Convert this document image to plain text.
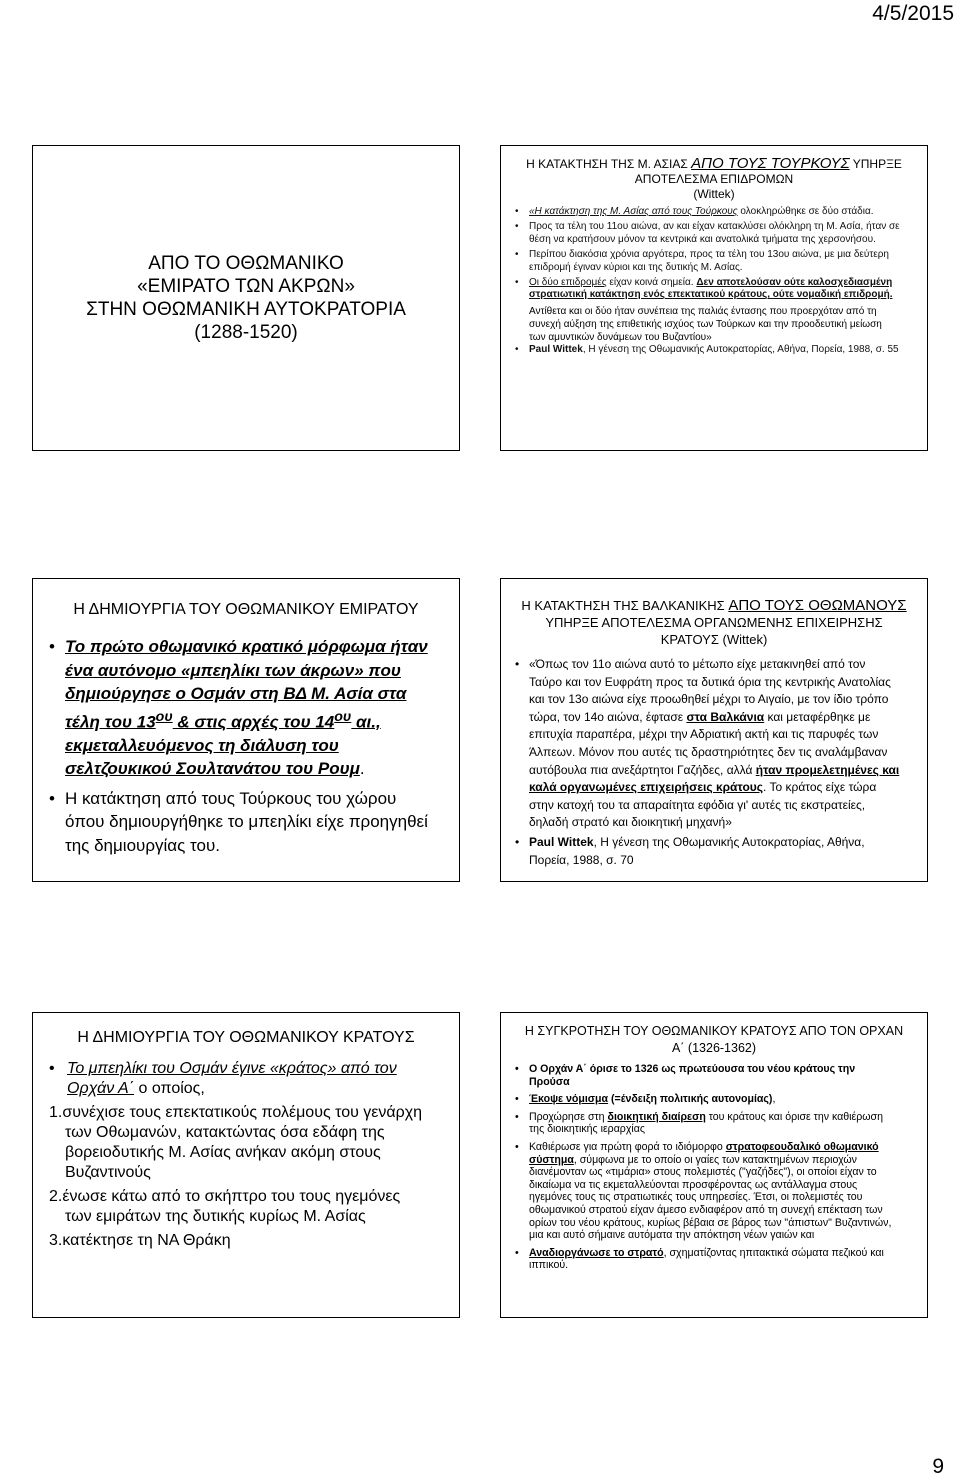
4/5/2015
ΑΠΟ ΤΟ ΟΘΩΜΑΝΙΚΟ
«ΕΜΙΡΑΤΟ ΤΩΝ ΑΚΡΩΝ»
ΣΤΗΝ ΟΘΩΜΑΝΙΚΗ ΑΥΤΟΚΡΑΤΟΡΙΑ
(1288-1520)
Η ΚΑΤΑΚΤΗΣΗ ΤΗΣ Μ. ΑΣΙΑΣ ΑΠΟ ΤΟΥΣ ΤΟΥΡΚΟΥΣ ΥΠΗΡΞΕ ΑΠΟΤΕΛΕΣΜΑ ΕΠΙΔΡΟΜΩΝ
(Wittek)
• «Η κατάκτηση της Μ. Ασίας από τους Τούρκους ολοκληρώθηκε σε δύο στάδια.
• Προς τα τέλη του 11ου αιώνα, αν και είχαν κατακλύσει ολόκληρη τη Μ. Ασία, ήταν σε θέση να κρατήσουν μόνον τα κεντρικά και ανατολικά τμήματα της χερσονήσου.
• Περίπου διακόσια χρόνια αργότερα, προς τα τέλη του 13ου αιώνα, με μια δεύτερη επιδρομή έγιναν κύριοι και της δυτικής Μ. Ασίας.
• Οι δύο επιδρομές είχαν κοινά σημεία. Δεν αποτελούσαν ούτε καλοσχεδιασμένη στρατιωτική κατάκτηση ενός επεκτατικού κράτους, ούτε νομαδική επιδρομή.
Αντίθετα και οι δύο ήταν συνέπεια της παλιάς έντασης που προερχόταν από τη συνεχή αύξηση της επιθετικής ισχύος των Τούρκων και την προοδευτική μείωση των αμυντικών δυνάμεων του Βυζαντίου»
• Paul Wittek, Η γένεση της Οθωμανικής Αυτοκρατορίας, Αθήνα, Πορεία, 1988, σ. 55
Η ΔΗΜΙΟΥΡΓΙΑ ΤΟΥ ΟΘΩΜΑΝΙΚΟΥ ΕΜΙΡΑΤΟΥ
• Το πρώτο οθωμανικό κρατικό μόρφωμα ήταν ένα αυτόνομο «μπεηλίκι των άκρων» που δημιούργησε ο Οσμάν στη ΒΔ Μ. Ασία στα τέλη του $13^{o\upsilon}$ & στις αρχές του $14^{o\upsilon}$ αι., εκμεταλλευόμενος τη διάλυση του σελτζουκικού Σουλτανάτου του Ρουμ.
• Η κατάκτηση από τους Τούρκους του χώρου όπου δημιουργήθηκε το μπεηλίκι είχε προηγηθεί της δημιουργίας του.
Η ΚΑΤΑΚΤΗΣΗ ΤΗΣ ΒΑΛΚΑΝΙΚΗΣ ΑΠΟ ΤΟΥΣ ΟΘΩΜΑΝΟΥΣ ΥΠΗΡΞΕ ΑΠΟΤΕΛΕΣΜΑ ΟΡΓΑΝΩΜΕΝΗΣ ΕΠΙΧΕΙΡΗΣΗΣ ΚΡΑΤΟΥΣ (Wittek)
• «Όπως τον 11ο αιώνα αυτό το μέτωπο είχε μετακινηθεί από τον Ταύρο και τον Ευφράτη προς τα δυτικά όρια της κεντρικής Ανατολίας και τον 13ο αιώνα είχε προωθηθεί μέχρι το Αιγαίο, με τον ίδιο τρόπο τώρα, τον 14ο αιώνα, έφτασε στα Βαλκάνια και μεταφέρθηκε με επιτυχία παραπέρα, μέχρι την Αδριατική ακτή και τις παρυφές των Άλπεων. Μόνον που αυτές τις δραστηριότητες δεν τις αναλάμβαναν αυτόβουλα πια ανεξάρτητοι Γαζήδες, αλλά ήταν προμελετημένες και καλά οργανωμένες επιχειρήσεις κράτους. Το κράτος είχε τώρα στην κατοχή του τα απαραίτητα εφόδια γι' αυτές τις εκστρατείες, δηλαδή στρατό και διοικητική μηχανή»
• Paul Wittek, Η γένεση της Οθωμανικής Αυτοκρατορίας, Αθήνα, Πορεία, 1988, σ. 70
Η ΔΗΜΙΟΥΡΓΙΑ ΤΟΥ ΟΘΩΜΑΝΙΚΟΥ ΚΡΑΤΟΥΣ
• Το μπεηλίκι του Οσμάν έγινε «κράτος» από τον Ορχάν Α΄ ο οποίος,
1.συνέχισε τους επεκτατικούς πολέμους του γενάρχη των Οθωμανών, κατακτώντας όσα εδάφη της βορειοδυτικής Μ. Ασίας ανήκαν ακόμη στους Βυζαντινούς
2.ένωσε κάτω από το σκήπτρο του τους ηγεμόνες των εμιράτων της δυτικής κυρίως Μ. Ασίας
3.κατέκτησε τη ΝΑ Θράκη
Η ΣΥΓΚΡΟΤΗΣΗ ΤΟΥ ΟΘΩΜΑΝΙΚΟΥ ΚΡΑΤΟΥΣ ΑΠΟ ΤΟΝ ΟΡΧΑΝ Α΄ (1326-1362)
• Ο Ορχάν Α΄ όρισε το 1326 ως πρωτεύουσα του νέου κράτους την Προύσα
• Έκοψε νόμισμα (=ένδειξη πολιτικής αυτονομίας),
• Προχώρησε στη διοικητική διαίρεση του κράτους και όρισε την καθιέρωση της διοικητικής ιεραρχίας
• Καθιέρωσε για πρώτη φορά το ιδιόμορφο στρατοφεουδαλικό οθωμανικό σύστημα, σύμφωνα με το οποίο οι γαίες των κατακτημένων περιοχών διανέμονταν ως «τιμάρια» στους πολεμιστές ("γαζήδες"), οι οποίοι είχαν το δικαίωμα να τις εκμεταλλεύονται προσφέροντας ως αντάλλαγμα στους ηγεμόνες τους τις στρατιωτικές τους υπηρεσίες. Έτσι, οι πολεμιστές του οθωμανικού στρατού είχαν άμεσο ενδιαφέρον από τη συνεχή επέκταση των ορίων του νέου κράτους, κυρίως βέβαια σε βάρος των "άπιστων" Βυζαντινών, μια και αυτό σήμαινε αυτόματα την απόκτηση νέων γαιών και
• Αναδιοργάνωσε το στρατό, σχηματίζοντας ηπιτακτικά σώματα πεζικού και ιππικού.
9
